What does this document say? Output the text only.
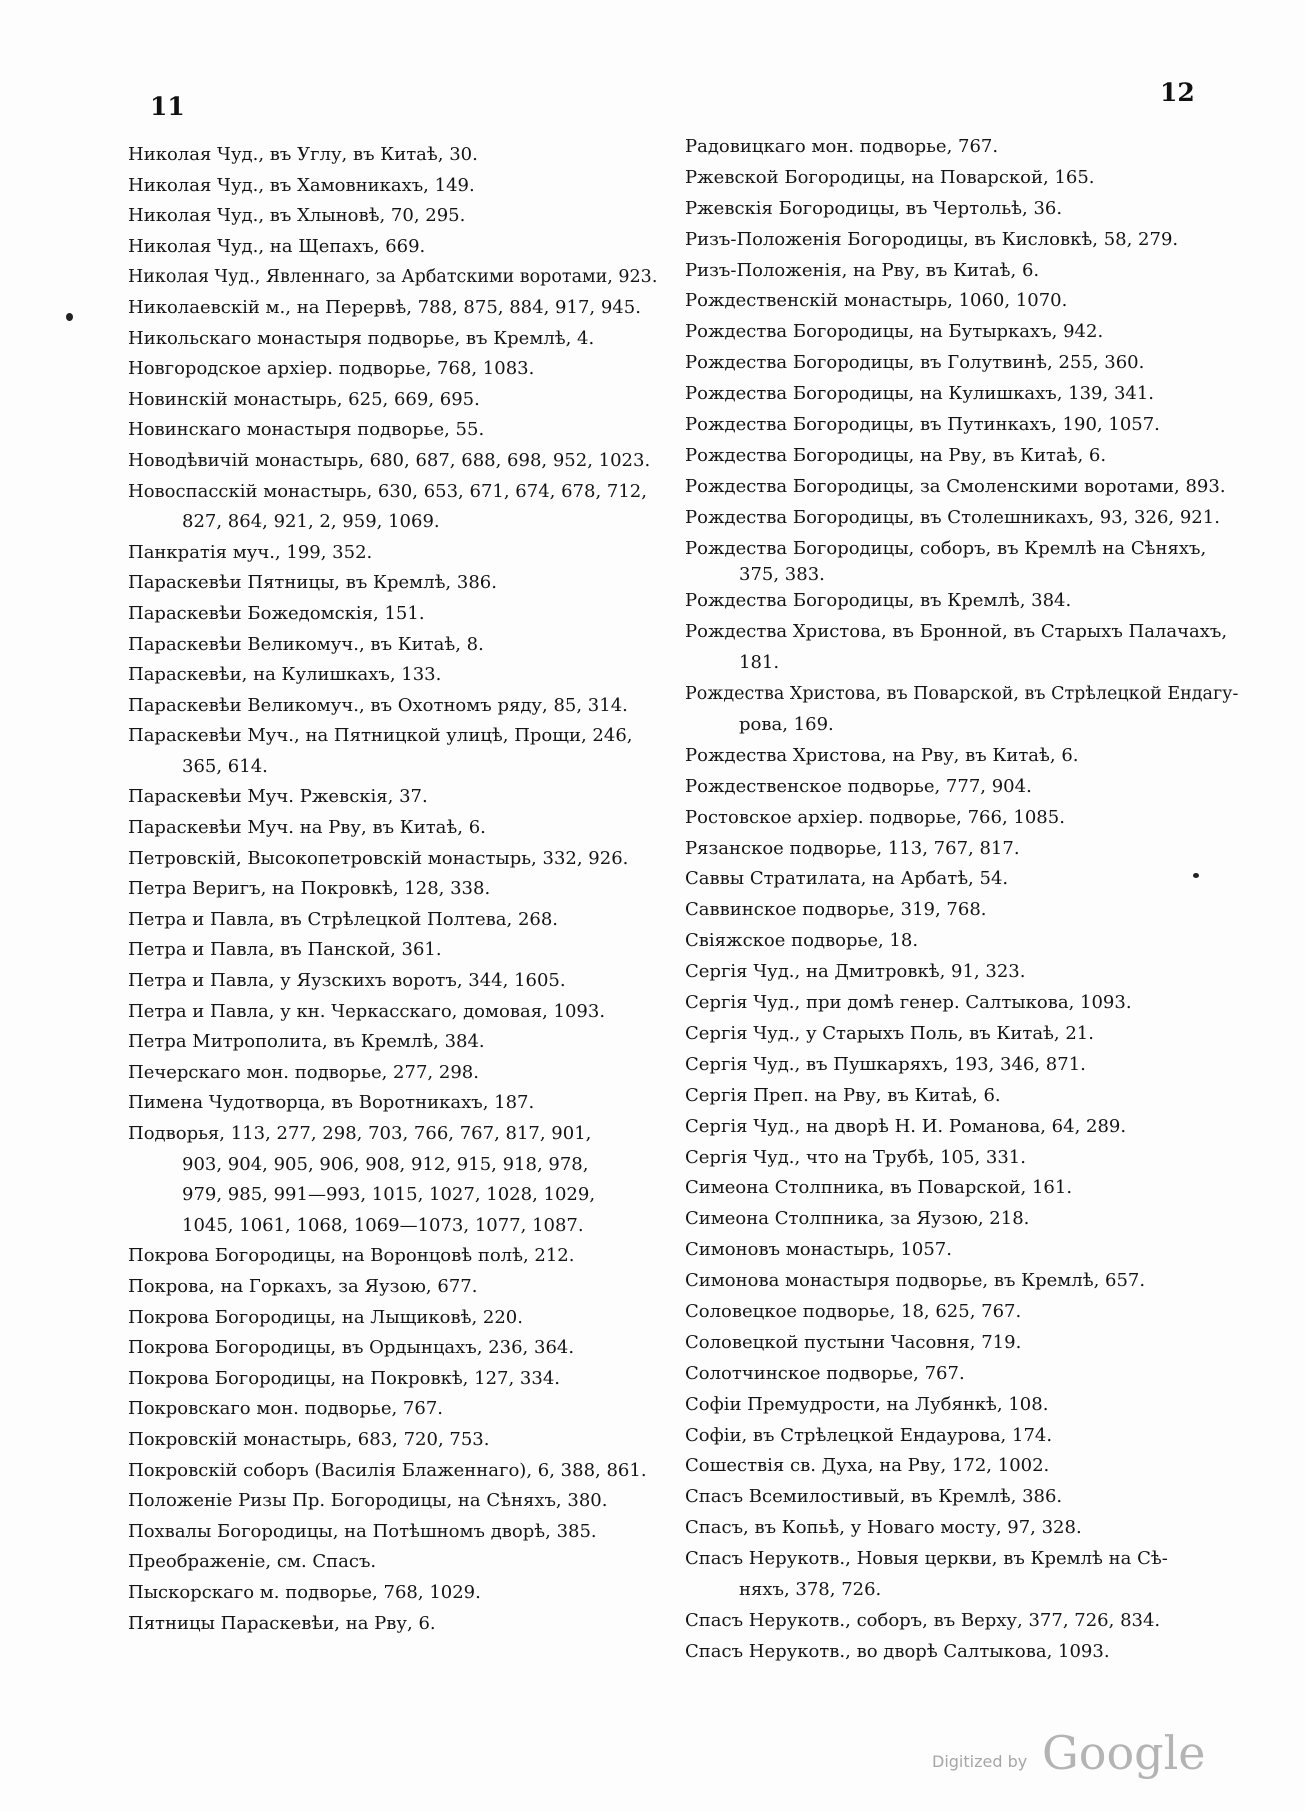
11	12
Николая Чуд., въ Углу, въ Китаѣ, 30.
Николая Чуд., въ Хамовникахъ, 149.
Николая Чуд., въ Хлыновѣ, 70, 295.
Николая Чуд., на Щепахъ, 669.
Николая Чуд., Явленнаго, за Арбатскими воротами, 923.
Николаевскій м., на Перервѣ, 788, 875, 884, 917, 945.
Никольскаго монастыря подворье, въ Кремлѣ, 4.
Новгородское архiер. подворье, 768, 1083.
Новинскій монастырь, 625, 669, 695.
Новинскаго монастыря подворье, 55.
Новодѣвичій монастырь, 680, 687, 688, 698, 952, 1023.
Новоспасскій монастырь, 630, 653, 671, 674, 678, 712,
827, 864, 921, 2, 959, 1069.
Панкратія муч., 199, 352.
Параскевѣи Пятницы, въ Кремлѣ, 386.
Параскевѣи Божедомскія, 151.
Параскевѣи Великомуч., въ Китаѣ, 8.
Параскевѣи, на Кулишкахъ, 133.
Параскевѣи Великомуч., въ Охотномъ ряду, 85, 314.
Параскевѣи Муч., на Пятницкой улицѣ, Прощи, 246,
365, 614.
Параскевѣи Муч. Ржевскія, 37.
Параскевѣи Муч. на Рву, въ Китаѣ, 6.
Петровскій, Высокопетровскій монастырь, 332, 926.
Петра Веригъ, на Покровкѣ, 128, 338.
Петра и Павла, въ Стрѣлецкой Полтева, 268.
Петра и Павла, въ Панской, 361.
Петра и Павла, у Яузскихъ воротъ, 344, 1605.
Петра и Павла, у кн. Черкасскаго, домовая, 1093.
Петра Митрополита, въ Кремлѣ, 384.
Печерскаго мон. подворье, 277, 298.
Пимена Чудотворца, въ Воротникахъ, 187.
Подворья, 113, 277, 298, 703, 766, 767, 817, 901,
903, 904, 905, 906, 908, 912, 915, 918, 978,
979, 985, 991—993, 1015, 1027, 1028, 1029,
1045, 1061, 1068, 1069—1073, 1077, 1087.
Покрова Богородицы, на Воронцовѣ полѣ, 212.
Покрова, на Горкахъ, за Яузою, 677.
Покрова Богородицы, на Лыщиковѣ, 220.
Покрова Богородицы, въ Ордынцахъ, 236, 364.
Покрова Богородицы, на Покровкѣ, 127, 334.
Покровскаго мон. подворье, 767.
Покровскій монастырь, 683, 720, 753.
Покровскій соборъ (Василія Блаженнаго), 6, 388, 861.
Положеніе Ризы Пр. Богородицы, на Сѣняхъ, 380.
Похвалы Богородицы, на Потѣшномъ дворѣ, 385.
Преображеніе, см. Спасъ.
Пыскорскаго м. подворье, 768, 1029.
Пятницы Параскевѣи, на Рву, 6.
Радовицкаго мон. подворье, 767.
Ржевской Богородицы, на Поварской, 165.
Ржевскія Богородицы, въ Чертольѣ, 36.
Ризъ-Положенія Богородицы, въ Кисловкѣ, 58, 279.
Ризъ-Положенія, на Рву, въ Китаѣ, 6.
Рождественскій монастырь, 1060, 1070.
Рождества Богородицы, на Бутыркахъ, 942.
Рождества Богородицы, въ Голутвинѣ, 255, 360.
Рождества Богородицы, на Кулишкахъ, 139, 341.
Рождества Богородицы, въ Путинкахъ, 190, 1057.
Рождества Богородицы, на Рву, въ Китаѣ, 6.
Рождества Богородицы, за Смоленскими воротами, 893.
Рождества Богородицы, въ Столешникахъ, 93, 326, 921.
Рождества Богородицы, соборъ, въ Кремлѣ на Сѣняхъ,
375, 383.
Рождества Богородицы, въ Кремлѣ, 384.
Рождества Христова, въ Бронной, въ Старыхъ Палачахъ,
181.
Рождества Христова, въ Поварской, въ Стрѣлецкой Ендагу-
рова, 169.
Рождества Христова, на Рву, въ Китаѣ, 6.
Рождественское подворье, 777, 904.
Ростовское архiер. подворье, 766, 1085.
Рязанское подворье, 113, 767, 817.
Саввы Стратилата, на Арбатѣ, 54.
Саввинское подворье, 319, 768.
Свіяжское подворье, 18.
Сергія Чуд., на Дмитровкѣ, 91, 323.
Сергія Чуд., при домѣ генер. Салтыкова, 1093.
Сергія Чуд., у Старыхъ Поль, въ Китаѣ, 21.
Сергія Чуд., въ Пушкаряхъ, 193, 346, 871.
Сергія Преп. на Рву, въ Китаѣ, 6.
Сергія Чуд., на дворѣ Н. И. Романова, 64, 289.
Сергія Чуд., что на Трубѣ, 105, 331.
Симеона Столпника, въ Поварской, 161.
Симеона Столпника, за Яузою, 218.
Симоновъ монастырь, 1057.
Симонова монастыря подворье, въ Кремлѣ, 657.
Соловецкое подворье, 18, 625, 767.
Соловецкой пустыни Часовня, 719.
Солотчинское подворье, 767.
Софіи Премудрости, на Лубянкѣ, 108.
Софіи, въ Стрѣлецкой Ендаурова, 174.
Сошествія св. Духа, на Рву, 172, 1002.
Спасъ Всемилостивый, въ Кремлѣ, 386.
Спасъ, въ Копьѣ, у Новаго мосту, 97, 328.
Спасъ Нерукотв., Новыя церкви, въ Кремлѣ на Сѣ-
няхъ, 378, 726.
Спасъ Нерукотв., соборъ, въ Верху, 377, 726, 834.
Спасъ Нерукотв., во дворѣ Салтыкова, 1093.
Digitized by Google
